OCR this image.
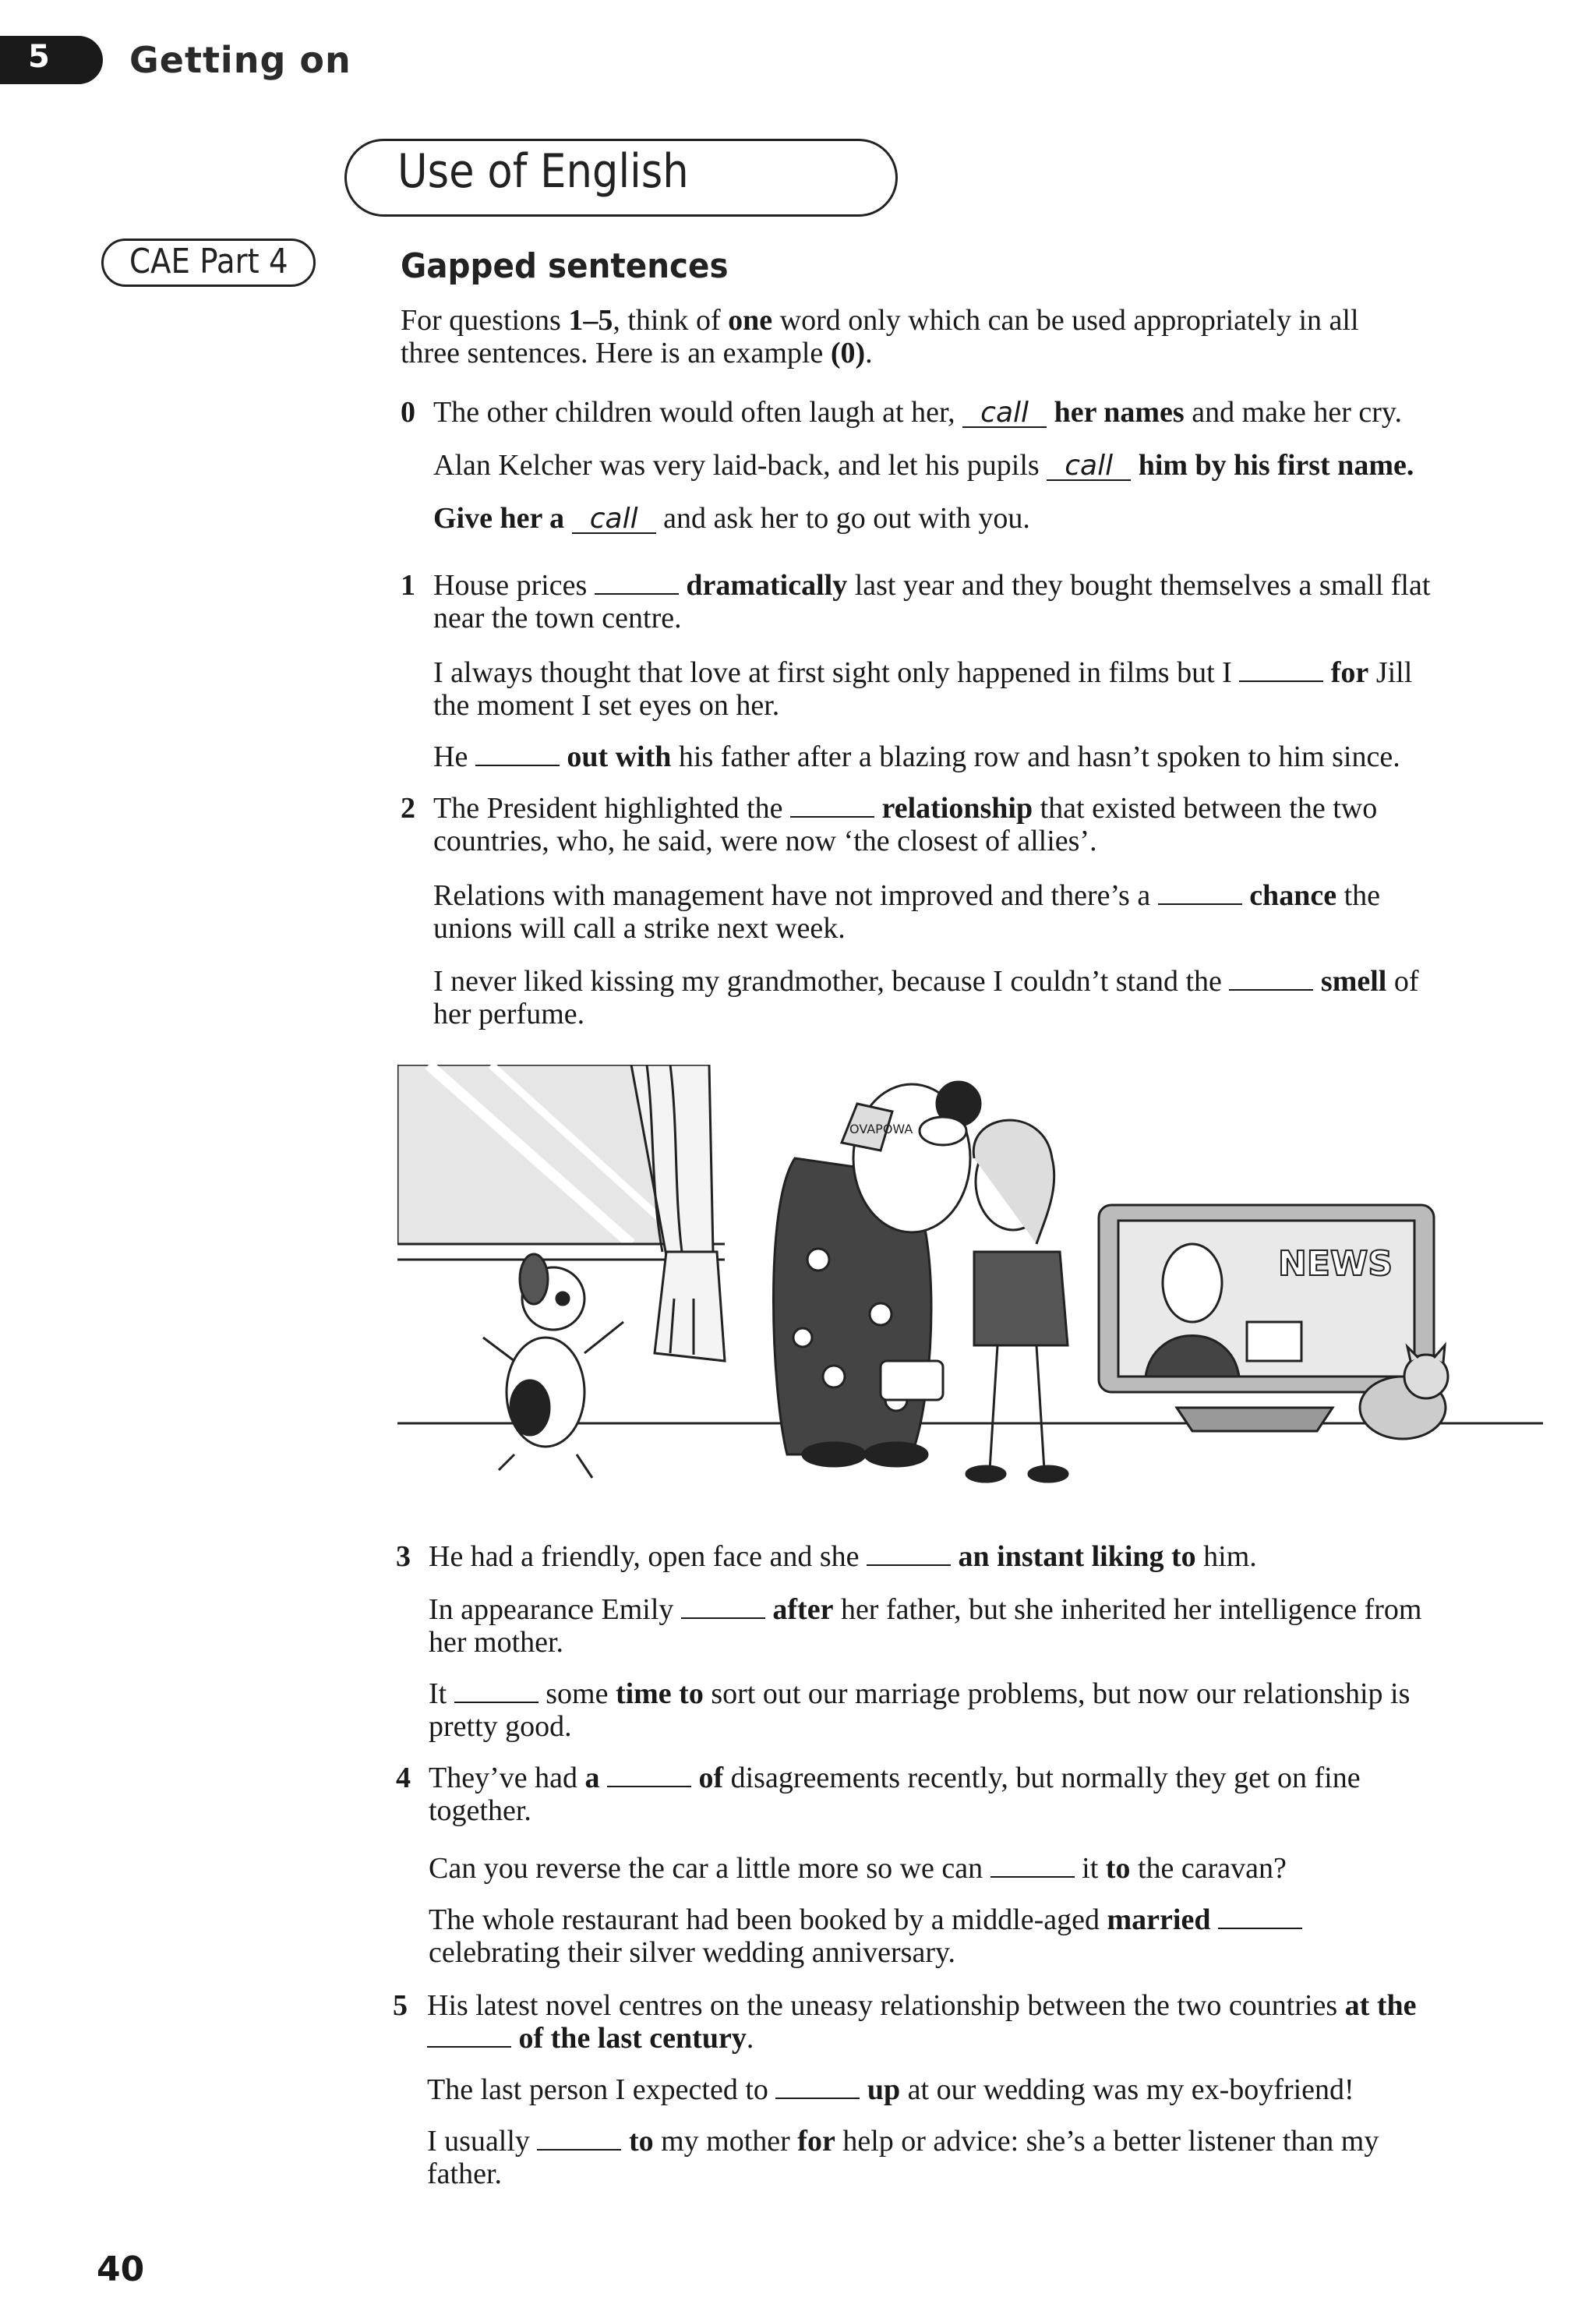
5 Getting on
Use of English
CAE Part 4	Gapped sentences
For questions 1–5, think of one word only which can be used appropriately in all
three sentences. Here is an example (0).
0 The other children would often laugh at her, call her names and make her cry.
Alan Kelcher was very laid-back, and let his pupils call him by his first name.
Give her a call and ask her to go out with you.
1 House prices	dramatically last year and they bought themselves a small flat
near the town centre.
I always thought that love at first sight only happened in films but I	for Jill
the moment I set eyes on her.
He	out with his father after a blazing row and hasn’t spoken to him since.
2 The President highlighted the	relationship that existed between the two
countries, who, he said, were now ‘the closest of allies’.
Relations with management have not improved and there’s a	chance the
unions will call a strike next week.
I never liked kissing my grandmother, because I couldn’t stand the	smell of
her perfume.
OVAPOWA
NEWS
3 He had a friendly, open face and she	an instant liking to him.
In appearance Emily	after her father, but she inherited her intelligence from
her mother.
It	some time to sort out our marriage problems, but now our relationship is
pretty good.
4 They’ve had a	of disagreements recently, but normally they get on fine
together.
Can you reverse the car a little more so we can	it to the caravan?
The whole restaurant had been booked by a middle-aged married
celebrating their silver wedding anniversary.
5 His latest novel centres on the uneasy relationship between the two countries at the
of the last century.
The last person I expected to	up at our wedding was my ex-boyfriend!
I usually	to my mother for help or advice: she’s a better listener than my
father.
40
